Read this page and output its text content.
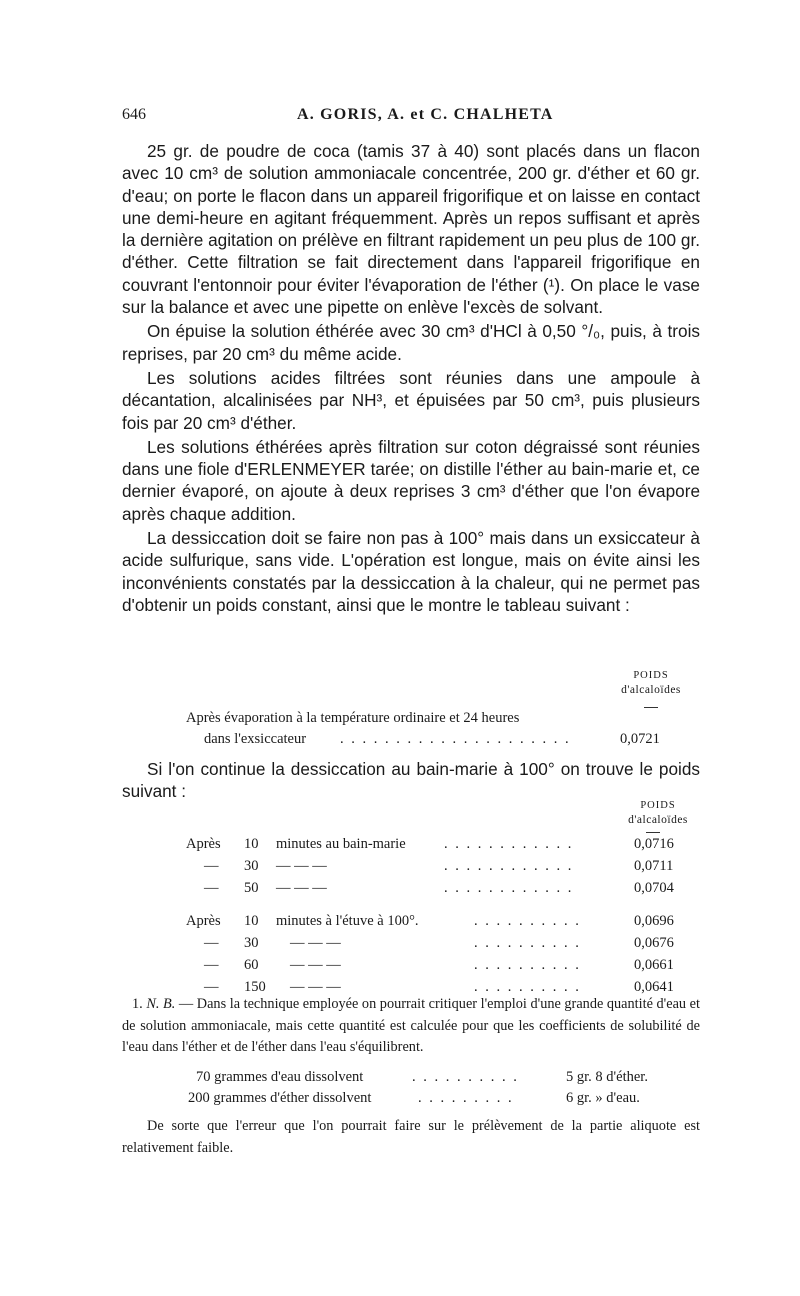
646	A. GORIS, A. et C. CHALHETA

25 gr. de poudre de coca (tamis 37 à 40) sont placés dans un flacon avec 10 cm³ de solution ammoniacale concentrée, 200 gr. d'éther et 60 gr. d'eau; on porte le flacon dans un appareil frigorifique et on laisse en contact une demi-heure en agitant fréquemment. Après un repos suffisant et après la dernière agitation on prélève en filtrant rapidement un peu plus de 100 gr. d'éther. Cette filtration se fait directement dans l'appareil frigorifique en couvrant l'entonnoir pour éviter l'évaporation de l'éther (¹). On place le vase sur la balance et avec une pipette on enlève l'excès de solvant.

On épuise la solution éthérée avec 30 cm³ d'HCl à 0,50 °/₀, puis, à trois reprises, par 20 cm³ du même acide.

Les solutions acides filtrées sont réunies dans une ampoule à décantation, alcalinisées par NH³, et épuisées par 50 cm³, puis plusieurs fois par 20 cm³ d'éther.

Les solutions éthérées après filtration sur coton dégraissé sont réunies dans une fiole d'ERLENMEYER tarée; on distille l'éther au bain-marie et, ce dernier évaporé, on ajoute à deux reprises 3 cm³ d'éther que l'on évapore après chaque addition.

La dessiccation doit se faire non pas à 100° mais dans un exsiccateur à acide sulfurique, sans vide. L'opération est longue, mais on évite ainsi les inconvénients constatés par la dessiccation à la chaleur, qui ne permet pas d'obtenir un poids constant, ainsi que le montre le tableau suivant :

POIDS
d'alcaloïdes
Après évaporation à la température ordinaire et 24 heures
dans l'exsiccateur . . . . . . . . . . . . . . . . . . . . .	0,0721

Si l'on continue la dessiccation au bain-marie à 100° on trouve le poids suivant :

POIDS
d'alcaloïdes
Après 10 minutes au bain-marie	. . . . . . . . . . . .	0,0716
— 30 — — —	. . . . . . . . . . . .	0,0711
— 50 — — —	. . . . . . . . . . . .	0,0704
Après 10 minutes à l'étuve à 100°.	. . . . . . . . . .	0,0696
— 30 — — —	. . . . . . . . . .	0,0676
— 60 — — —	. . . . . . . . . .	0,0661
— 150 — — —	. . . . . . . . . .	0,0641

1. N. B. — Dans la technique employée on pourrait critiquer l'emploi d'une grande quantité d'eau et de solution ammoniacale, mais cette quantité est calculée pour que les coefficients de solubilité de l'eau dans l'éther et de l'éther dans l'eau s'équilibrent.

70 grammes d'eau dissolvent	. . . . . . . . . .	5 gr. 8 d'éther.
200 grammes d'éther dissolvent	. . . . . . . . .	6 gr. » d'eau.

De sorte que l'erreur que l'on pourrait faire sur le prélèvement de la partie aliquote est relativement faible.
